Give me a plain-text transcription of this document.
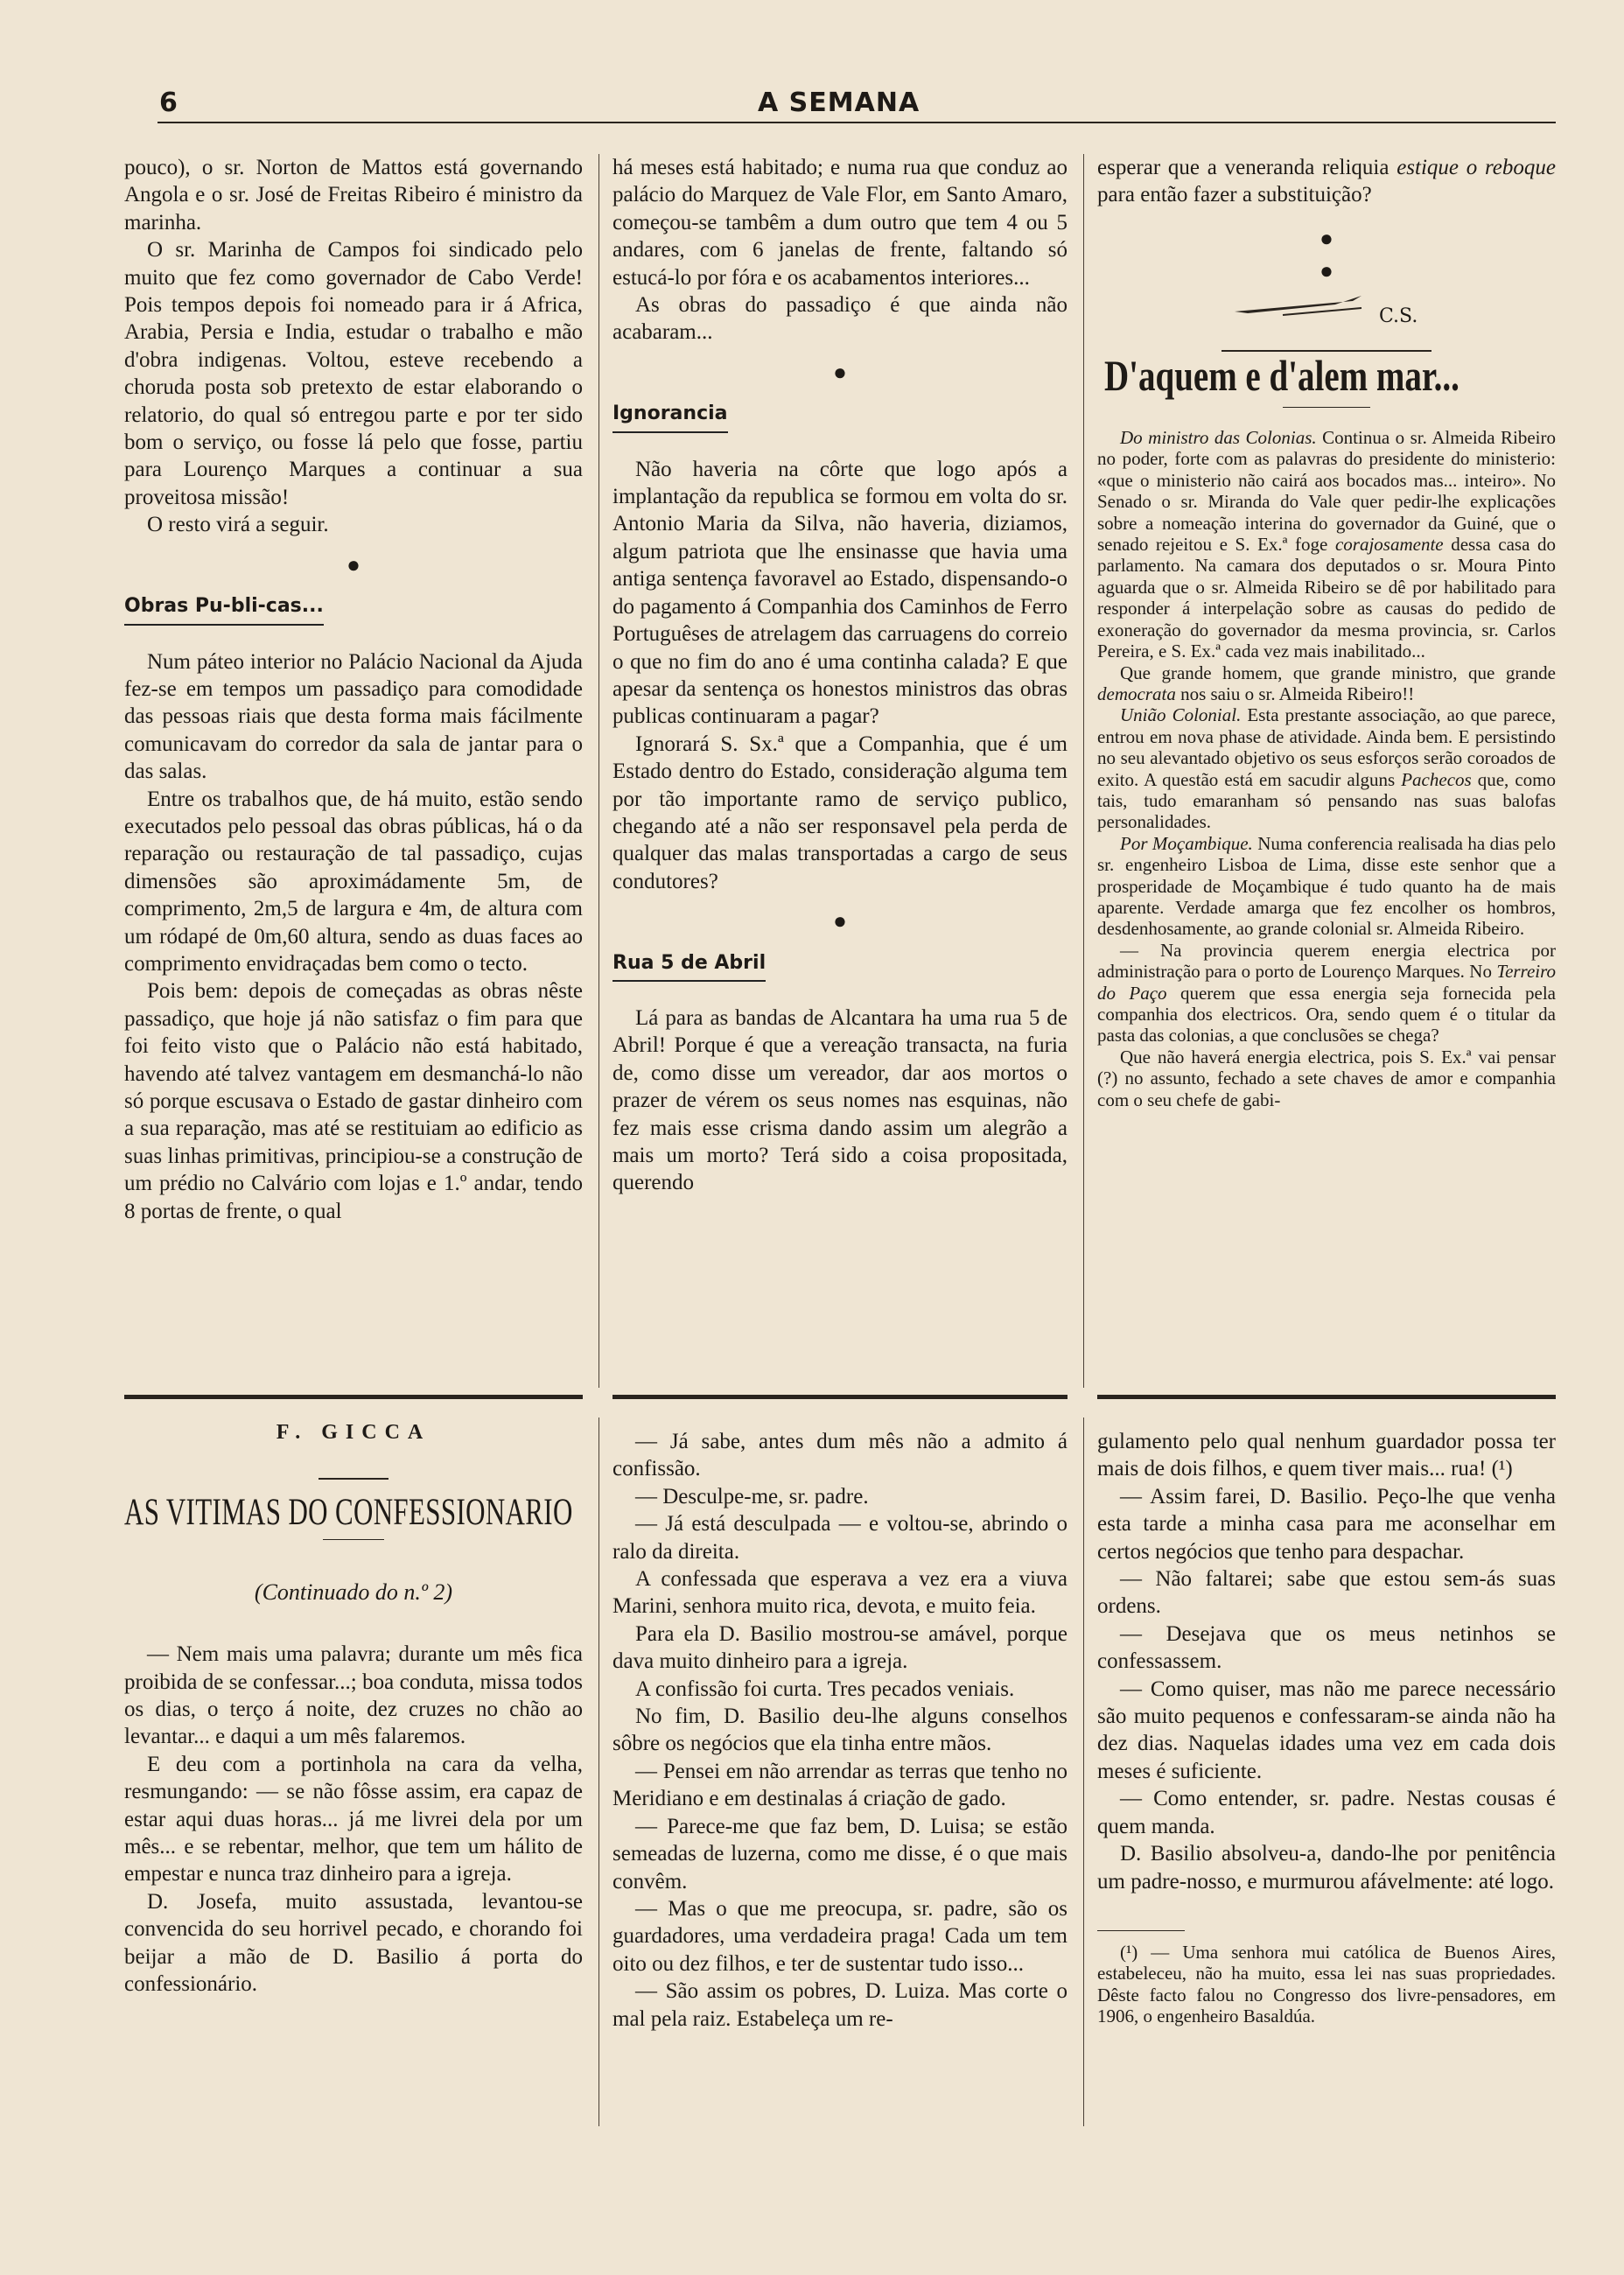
6	A SEMANA

pouco), o sr. Norton de Mattos está governando Angola e o sr. José de Freitas Ribeiro é ministro da marinha.

O sr. Marinha de Campos foi sindicado pelo muito que fez como governador de Cabo Verde! Pois tempos depois foi nomeado para ir á Africa, Arabia, Persia e India, estudar o trabalho e mão d'obra indigenas. Voltou, esteve recebendo a choruda posta sob pretexto de estar elaborando o relatorio, do qual só entregou parte e por ter sido bom o serviço, ou fosse lá pelo que fosse, partiu para Lourenço Marques a continuar a sua proveitosa missão!

O resto virá a seguir.

●
Obras Pu-bli-cas...

Num páteo interior no Palácio Nacional da Ajuda fez-se em tempos um passadiço para comodidade das pessoas riais que desta forma mais fácilmente comunicavam do corredor da sala de jantar para o das salas.

Entre os trabalhos que, de há muito, estão sendo executados pelo pessoal das obras públicas, há o da reparação ou restauração de tal passadiço, cujas dimensões são aproximádamente 5m, de comprimento, 2m,5 de largura e 4m, de altura com um ródapé de 0m,60 altura, sendo as duas faces ao comprimento envidraçadas bem como o tecto.

Pois bem: depois de começadas as obras nêste passadiço, que hoje já não satisfaz o fim para que foi feito visto que o Palácio não está habitado, havendo até talvez vantagem em desmanchá-lo não só porque escusava o Estado de gastar dinheiro com a sua reparação, mas até se restituiam ao edificio as suas linhas primitivas, principiou-se a construção de um prédio no Calvário com lojas e 1.º andar, tendo 8 portas de frente, o qual

há meses está habitado; e numa rua que conduz ao palácio do Marquez de Vale Flor, em Santo Amaro, começou-se tambêm a dum outro que tem 4 ou 5 andares, com 6 janelas de frente, faltando só estucá-lo por fóra e os acabamentos interiores...

As obras do passadiço é que ainda não acabaram...

●
Ignorancia

Não haveria na côrte que logo após a implantação da republica se formou em volta do sr. Antonio Maria da Silva, não haveria, diziamos, algum patriota que lhe ensinasse que havia uma antiga sentença favoravel ao Estado, dispensando-o do pagamento á Companhia dos Caminhos de Ferro Portuguêses de atrelagem das carruagens do correio o que no fim do ano é uma continha calada? E que apesar da sentença os honestos ministros das obras publicas continuaram a pagar?

Ignorará S. Sx.ª que a Companhia, que é um Estado dentro do Estado, consideração alguma tem por tão importante ramo de serviço publico, chegando até a não ser responsavel pela perda de qualquer das malas transportadas a cargo de seus condutores?

●
Rua 5 de Abril

Lá para as bandas de Alcantara ha uma rua 5 de Abril! Porque é que a vereação transacta, na furia de, como disse um vereador, dar aos mortos o prazer de vérem os seus nomes nas esquinas, não fez mais esse crisma dando assim um alegrão a mais um morto? Terá sido a coisa propositada, querendo

esperar que a veneranda reliquia estique o reboque para então fazer a substituição?

●
●
C.S.
D'aquem e d'alem mar...

Do ministro das Colonias. Continua o sr. Almeida Ribeiro no poder, forte com as palavras do presidente do ministerio: «que o ministerio não cairá aos bocados mas... inteiro». No Senado o sr. Miranda do Vale quer pedir-lhe explicações sobre a nomeação interina do governador da Guiné, que o senado rejeitou e S. Ex.ª foge corajosamente dessa casa do parlamento. Na camara dos deputados o sr. Moura Pinto aguarda que o sr. Almeida Ribeiro se dê por habilitado para responder á interpelação sobre as causas do pedido de exoneração do governador da mesma provincia, sr. Carlos Pereira, e S. Ex.ª cada vez mais inabilitado...

Que grande homem, que grande ministro, que grande democrata nos saiu o sr. Almeida Ribeiro!!

União Colonial. Esta prestante associação, ao que parece, entrou em nova phase de atividade. Ainda bem. E persistindo no seu alevantado objetivo os seus esforços serão coroados de exito. A questão está em sacudir alguns Pachecos que, como tais, tudo emaranham só pensando nas suas balofas personalidades.

Por Moçambique. Numa conferencia realisada ha dias pelo sr. engenheiro Lisboa de Lima, disse este senhor que a prosperidade de Moçambique é tudo quanto ha de mais aparente. Verdade amarga que fez encolher os hombros, desdenhosamente, ao grande colonial sr. Almeida Ribeiro.

— Na provincia querem energia electrica por administração para o porto de Lourenço Marques. No Terreiro do Paço querem que essa energia seja fornecida pela companhia dos electricos. Ora, sendo quem é o titular da pasta das colonias, a que conclusões se chega?

Que não haverá energia electrica, pois S. Ex.ª vai pensar (?) no assunto, fechado a sete chaves de amor e companhia com o seu chefe de gabi-

F. GICCA
AS VITIMAS DO CONFESSIONARIO
(Continuado do n.º 2)

— Nem mais uma palavra; durante um mês fica proibida de se confessar...; boa conduta, missa todos os dias, o terço á noite, dez cruzes no chão ao levantar... e daqui a um mês falaremos.

E deu com a portinhola na cara da velha, resmungando: — se não fôsse assim, era capaz de estar aqui duas horas... já me livrei dela por um mês... e se rebentar, melhor, que tem um hálito de empestar e nunca traz dinheiro para a igreja.

D. Josefa, muito assustada, levantou-se convencida do seu horrivel pecado, e chorando foi beijar a mão de D. Basilio á porta do confessionário.

— Já sabe, antes dum mês não a admito á confissão.

— Desculpe-me, sr. padre.

— Já está desculpada — e voltou-se, abrindo o ralo da direita.

A confessada que esperava a vez era a viuva Marini, senhora muito rica, devota, e muito feia.

Para ela D. Basilio mostrou-se amável, porque dava muito dinheiro para a igreja.

A confissão foi curta. Tres pecados veniais.

No fim, D. Basilio deu-lhe alguns conselhos sôbre os negócios que ela tinha entre mãos.

— Pensei em não arrendar as terras que tenho no Meridiano e em destinalas á criação de gado.

— Parece-me que faz bem, D. Luisa; se estão semeadas de luzerna, como me disse, é o que mais convêm.

— Mas o que me preocupa, sr. padre, são os guardadores, uma verdadeira praga! Cada um tem oito ou dez filhos, e ter de sustentar tudo isso...

— São assim os pobres, D. Luiza. Mas corte o mal pela raiz. Estabeleça um re-

gulamento pelo qual nenhum guardador possa ter mais de dois filhos, e quem tiver mais... rua! (¹)

— Assim farei, D. Basilio. Peço-lhe que venha esta tarde a minha casa para me aconselhar em certos negócios que tenho para despachar.

— Não faltarei; sabe que estou sem-ás suas ordens.

— Desejava que os meus netinhos se confessassem.

— Como quiser, mas não me parece necessário são muito pequenos e confessaram-se ainda não ha dez dias. Naquelas idades uma vez em cada dois meses é suficiente.

— Como entender, sr. padre. Nestas cousas é quem manda.

D. Basilio absolveu-a, dando-lhe por penitência um padre-nosso, e murmurou afávelmente: até logo.

(¹) — Uma senhora mui católica de Buenos Aires, estabeleceu, não ha muito, essa lei nas suas propriedades. Dêste facto falou no Congresso dos livre-pensadores, em 1906, o engenheiro Basaldúa.
